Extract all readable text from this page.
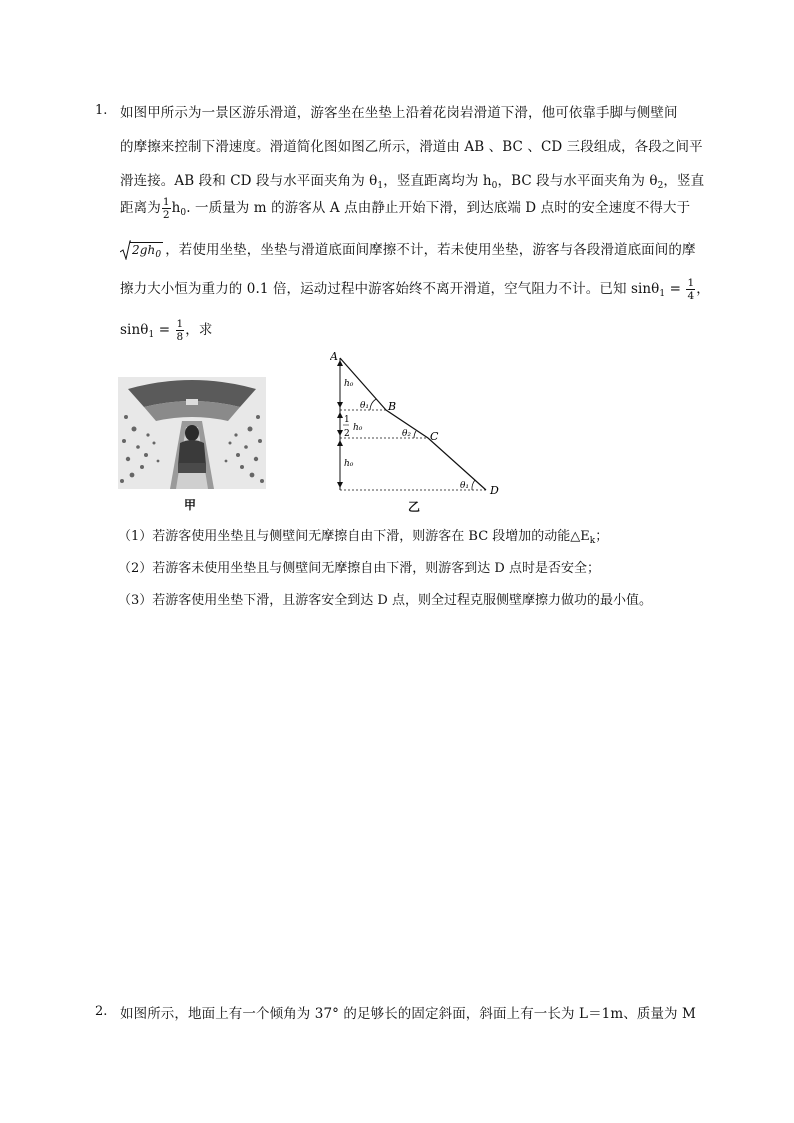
1. 如图甲所示为一景区游乐滑道，游客坐在坐垫上沿着花岗岩滑道下滑，他可依靠手脚与侧壁间
的摩擦来控制下滑速度。滑道简化图如图乙所示，滑道由 AB 、BC 、CD 三段组成，各段之间平
滑连接。AB 段和 CD 段与水平面夹角为 $\theta_1$，竖直距离均为 $h_0$，BC 段与水平面夹角为 $\theta_2$，竖直
距离为 $\frac{1}{2} h_0$. 一质量为 m 的游客从 A 点由静止开始下滑，到达底端 D 点时的安全速度不得大于
$2gh_0$ ，若使用坐垫，坐垫与滑道底面间摩擦不计，若未使用坐垫，游客与各段滑道底面间的摩
擦力大小恒为重力的 0.1 倍，运动过程中游客始终不离开滑道，空气阻力不计。已知 $\sin\theta_1 = \frac{1}{4}$ ，
$\sin\theta_1 = \frac{1}{8}$ ，求
甲
A
B
C
D
h₀
h₀
1
2
h₀
θ₁
θ₂
θ₁
乙
（1）若游客使用坐垫且与侧壁间无摩擦自由下滑，则游客在 BC 段增加的动能$\triangle E_k$；
（2）若游客未使用坐垫且与侧壁间无摩擦自由下滑，则游客到达 D 点时是否安全；
（3）若游客使用坐垫下滑，且游客安全到达 D 点，则全过程克服侧壁摩擦力做功的最小值。
2. 如图所示，地面上有一个倾角为 37° 的足够长的固定斜面，斜面上有一长为 L＝1m、质量为 M
